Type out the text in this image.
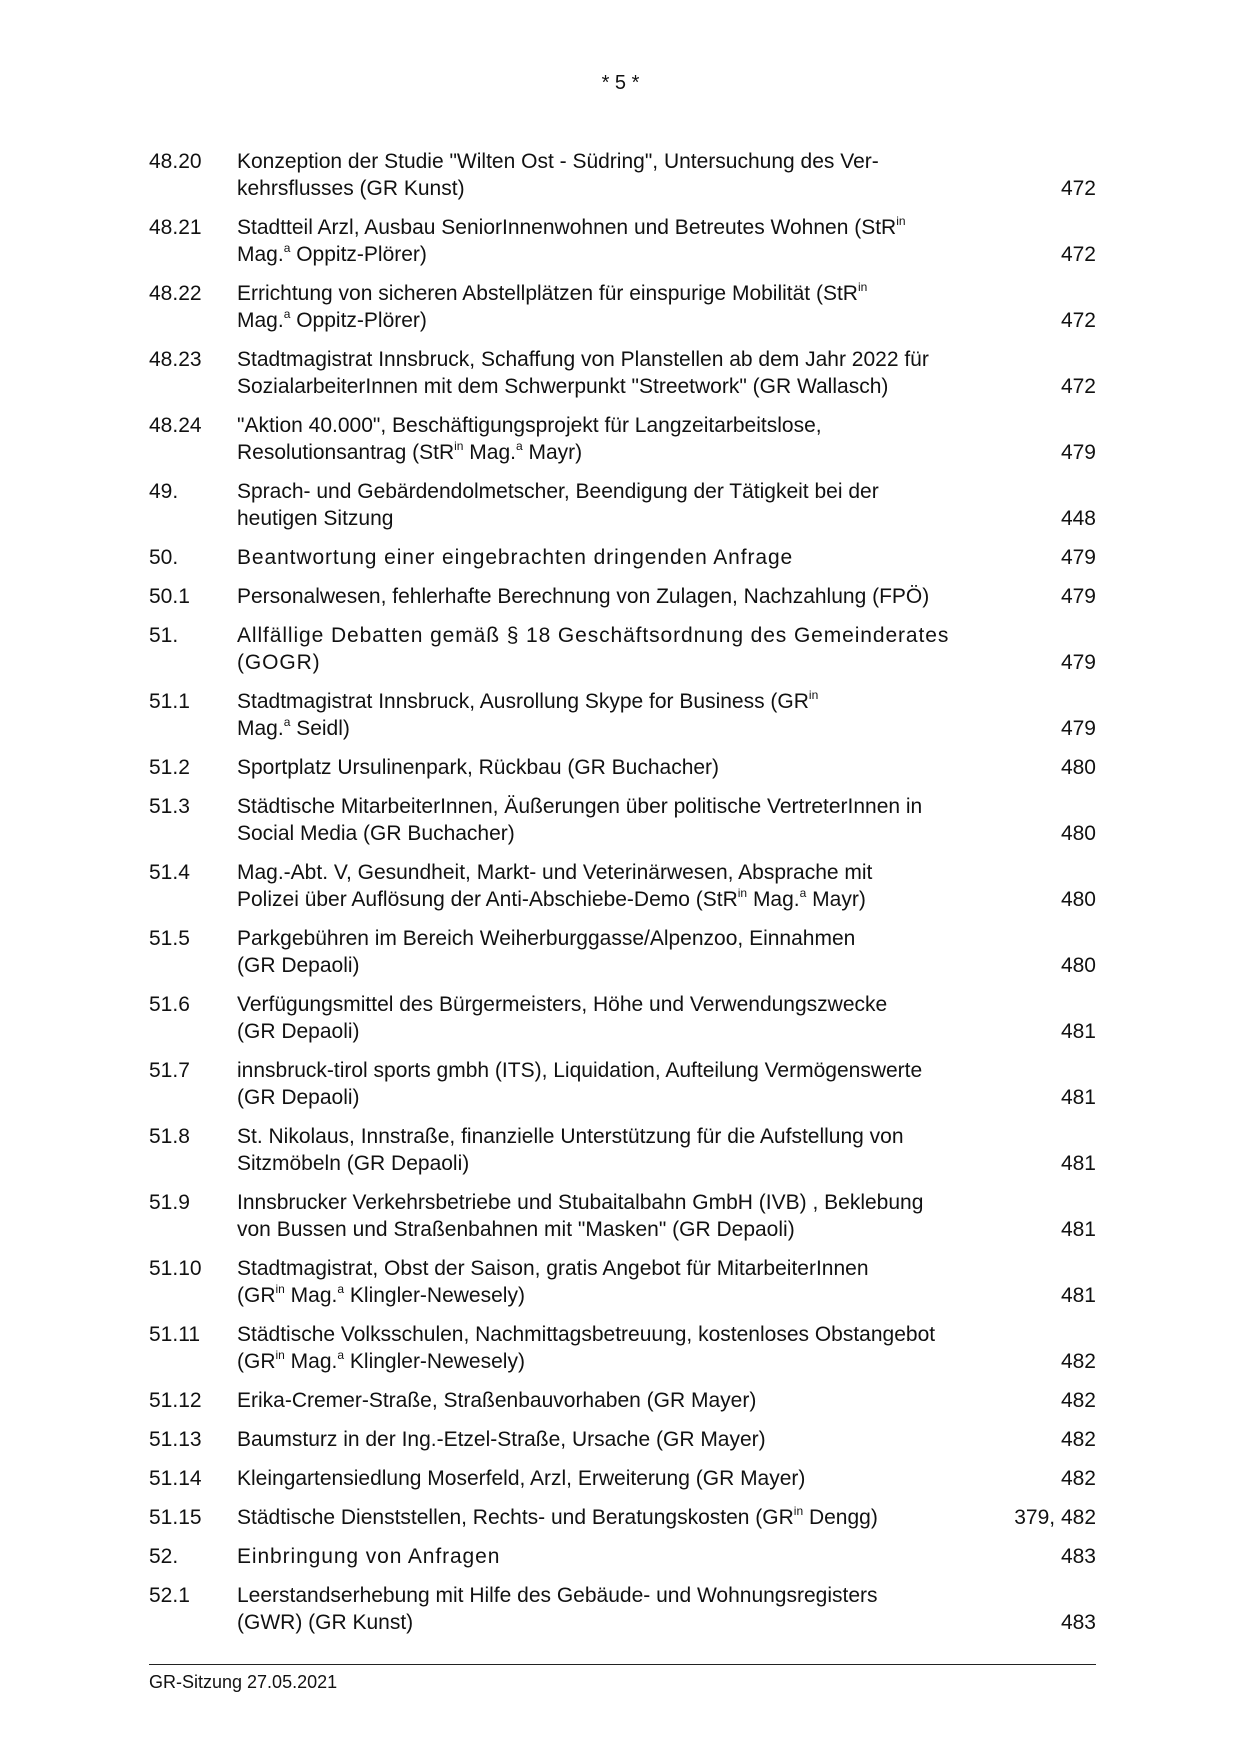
* 5 *
48.20	Konzeption der Studie "Wilten Ost - Südring", Untersuchung des Ver-
kehrsflusses (GR Kunst)	472
48.21	Stadtteil Arzl, Ausbau SeniorInnenwohnen und Betreutes Wohnen (StR$^{in}$
Mag.$^a$ Oppitz-Plörer)	472
48.22	Errichtung von sicheren Abstellplätzen für einspurige Mobilität (StR$^{in}$
Mag.$^a$ Oppitz-Plörer)	472
48.23	Stadtmagistrat Innsbruck, Schaffung von Planstellen ab dem Jahr 2022 für
SozialarbeiterInnen mit dem Schwerpunkt "Streetwork" (GR Wallasch)	472
48.24	"Aktion 40.000", Beschäftigungsprojekt für Langzeitarbeitslose,
Resolutionsantrag (StR$^{in}$ Mag.$^a$ Mayr)	479
49.	Sprach- und Gebärdendolmetscher, Beendigung der Tätigkeit bei der
heutigen Sitzung	448
50.	Beantwortung einer eingebrachten dringenden Anfrage	479
50.1	Personalwesen, fehlerhafte Berechnung von Zulagen, Nachzahlung (FPÖ)	479
51.	Allfällige Debatten gemäß § 18 Geschäftsordnung des Gemeinderates
(GOGR)	479
51.1	Stadtmagistrat Innsbruck, Ausrollung Skype for Business ($GR^{in}$
Mag.$^a$ Seidl)	479
51.2	Sportplatz Ursulinenpark, Rückbau (GR Buchacher)	480
51.3	Städtische MitarbeiterInnen, Äußerungen über politische VertreterInnen in
Social Media (GR Buchacher)	480
51.4	Mag.-Abt. V, Gesundheit, Markt- und Veterinärwesen, Absprache mit
Polizei über Auflösung der Anti-Abschiebe-Demo (StR$^{in}$ Mag.$^a$ Mayr)	480
51.5	Parkgebühren im Bereich Weiherburggasse/Alpenzoo, Einnahmen
(GR Depaoli)	480
51.6	Verfügungsmittel des Bürgermeisters, Höhe und Verwendungszwecke
(GR Depaoli)	481
51.7	innsbruck-tirol sports gmbh (ITS), Liquidation, Aufteilung Vermögenswerte
(GR Depaoli)	481
51.8	St. Nikolaus, Innstraße, finanzielle Unterstützung für die Aufstellung von
Sitzmöbeln (GR Depaoli)	481
51.9	Innsbrucker Verkehrsbetriebe und Stubaitalbahn GmbH (IVB) , Beklebung
von Bussen und Straßenbahnen mit "Masken" (GR Depaoli)	481
51.10	Stadtmagistrat, Obst der Saison, gratis Angebot für MitarbeiterInnen
($GR^{in}$ Mag.$^a$ Klingler-Newesely)	481
51.11	Städtische Volksschulen, Nachmittagsbetreuung, kostenloses Obstangebot
($GR^{in}$ Mag.$^a$ Klingler-Newesely)	482
51.12	Erika-Cremer-Straße, Straßenbauvorhaben (GR Mayer)	482
51.13	Baumsturz in der Ing.-Etzel-Straße, Ursache (GR Mayer)	482
51.14	Kleingartensiedlung Moserfeld, Arzl, Erweiterung (GR Mayer)	482
51.15	Städtische Dienststellen, Rechts- und Beratungskosten ($GR^{in}$ Dengg)	379, 482
52.	Einbringung von Anfragen	483
52.1	Leerstandserhebung mit Hilfe des Gebäude- und Wohnungsregisters
(GWR) (GR Kunst)	483
GR-Sitzung 27.05.2021
